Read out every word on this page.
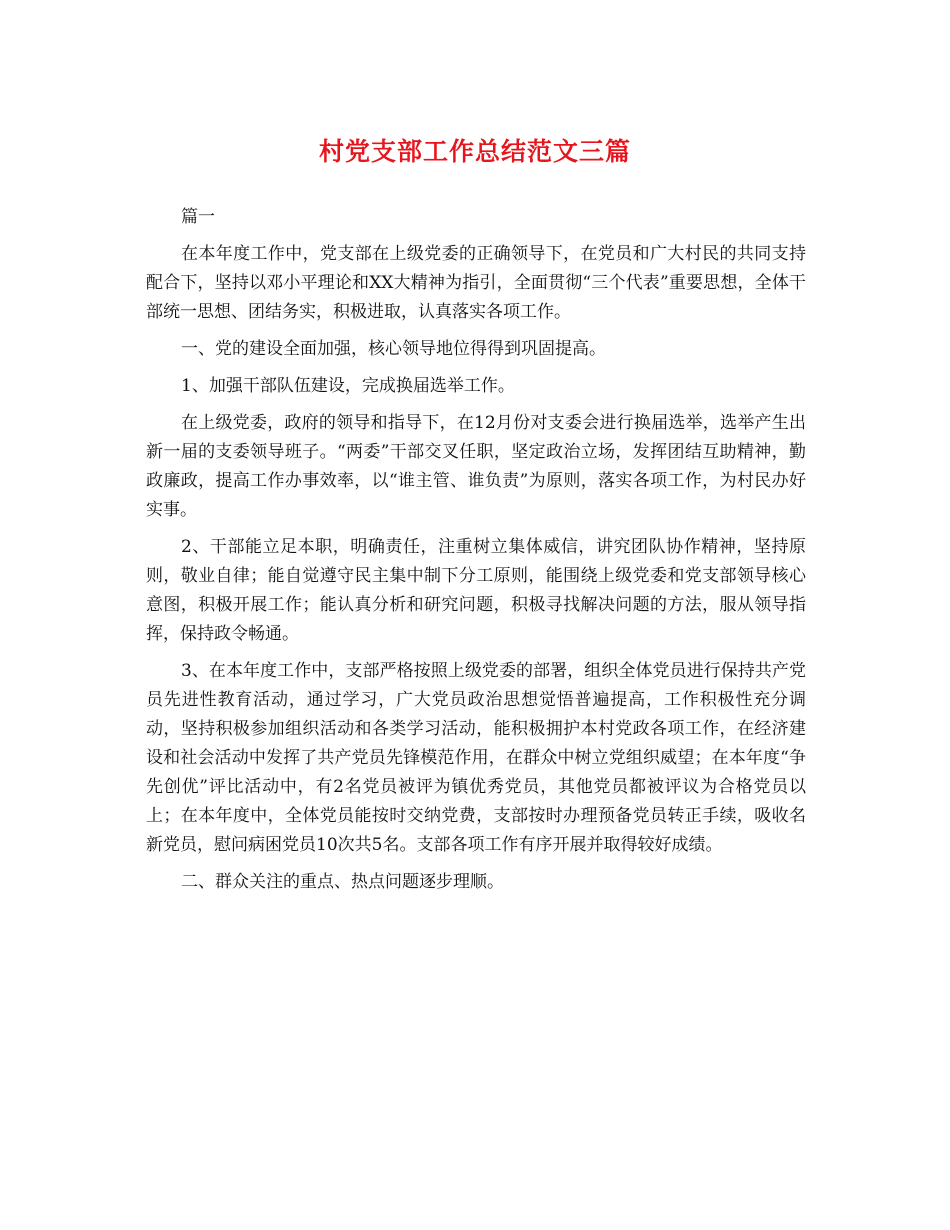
村党支部工作总结范文三篇

篇一

在本年度工作中，党支部在上级党委的正确领导下，在党员和广大村民的共同支持配合下，坚持以邓小平理论和XX大精神为指引，全面贯彻“三个代表”重要思想，全体干部统一思想、团结务实，积极进取，认真落实各项工作。

一、党的建设全面加强，核心领导地位得得到巩固提高。

1、加强干部队伍建设，完成换届选举工作。

在上级党委，政府的领导和指导下，在12月份对支委会进行换届选举，选举产生出新一届的支委领导班子。“两委”干部交叉任职，坚定政治立场，发挥团结互助精神，勤政廉政，提高工作办事效率，以“谁主管、谁负责”为原则，落实各项工作，为村民办好实事。

2、干部能立足本职，明确责任，注重树立集体威信，讲究团队协作精神，坚持原则，敬业自律；能自觉遵守民主集中制下分工原则，能围绕上级党委和党支部领导核心意图，积极开展工作；能认真分析和研究问题，积极寻找解决问题的方法，服从领导指挥，保持政令畅通。

3、在本年度工作中，支部严格按照上级党委的部署，组织全体党员进行保持共产党员先进性教育活动，通过学习，广大党员政治思想觉悟普遍提高，工作积极性充分调动，坚持积极参加组织活动和各类学习活动，能积极拥护本村党政各项工作，在经济建设和社会活动中发挥了共产党员先锋模范作用，在群众中树立党组织威望；在本年度“争先创优”评比活动中，有2名党员被评为镇优秀党员，其他党员都被评议为合格党员以上；在本年度中，全体党员能按时交纳党费，支部按时办理预备党员转正手续，吸收名新党员，慰问病困党员10次共5名。支部各项工作有序开展并取得较好成绩。

二、群众关注的重点、热点问题逐步理顺。
